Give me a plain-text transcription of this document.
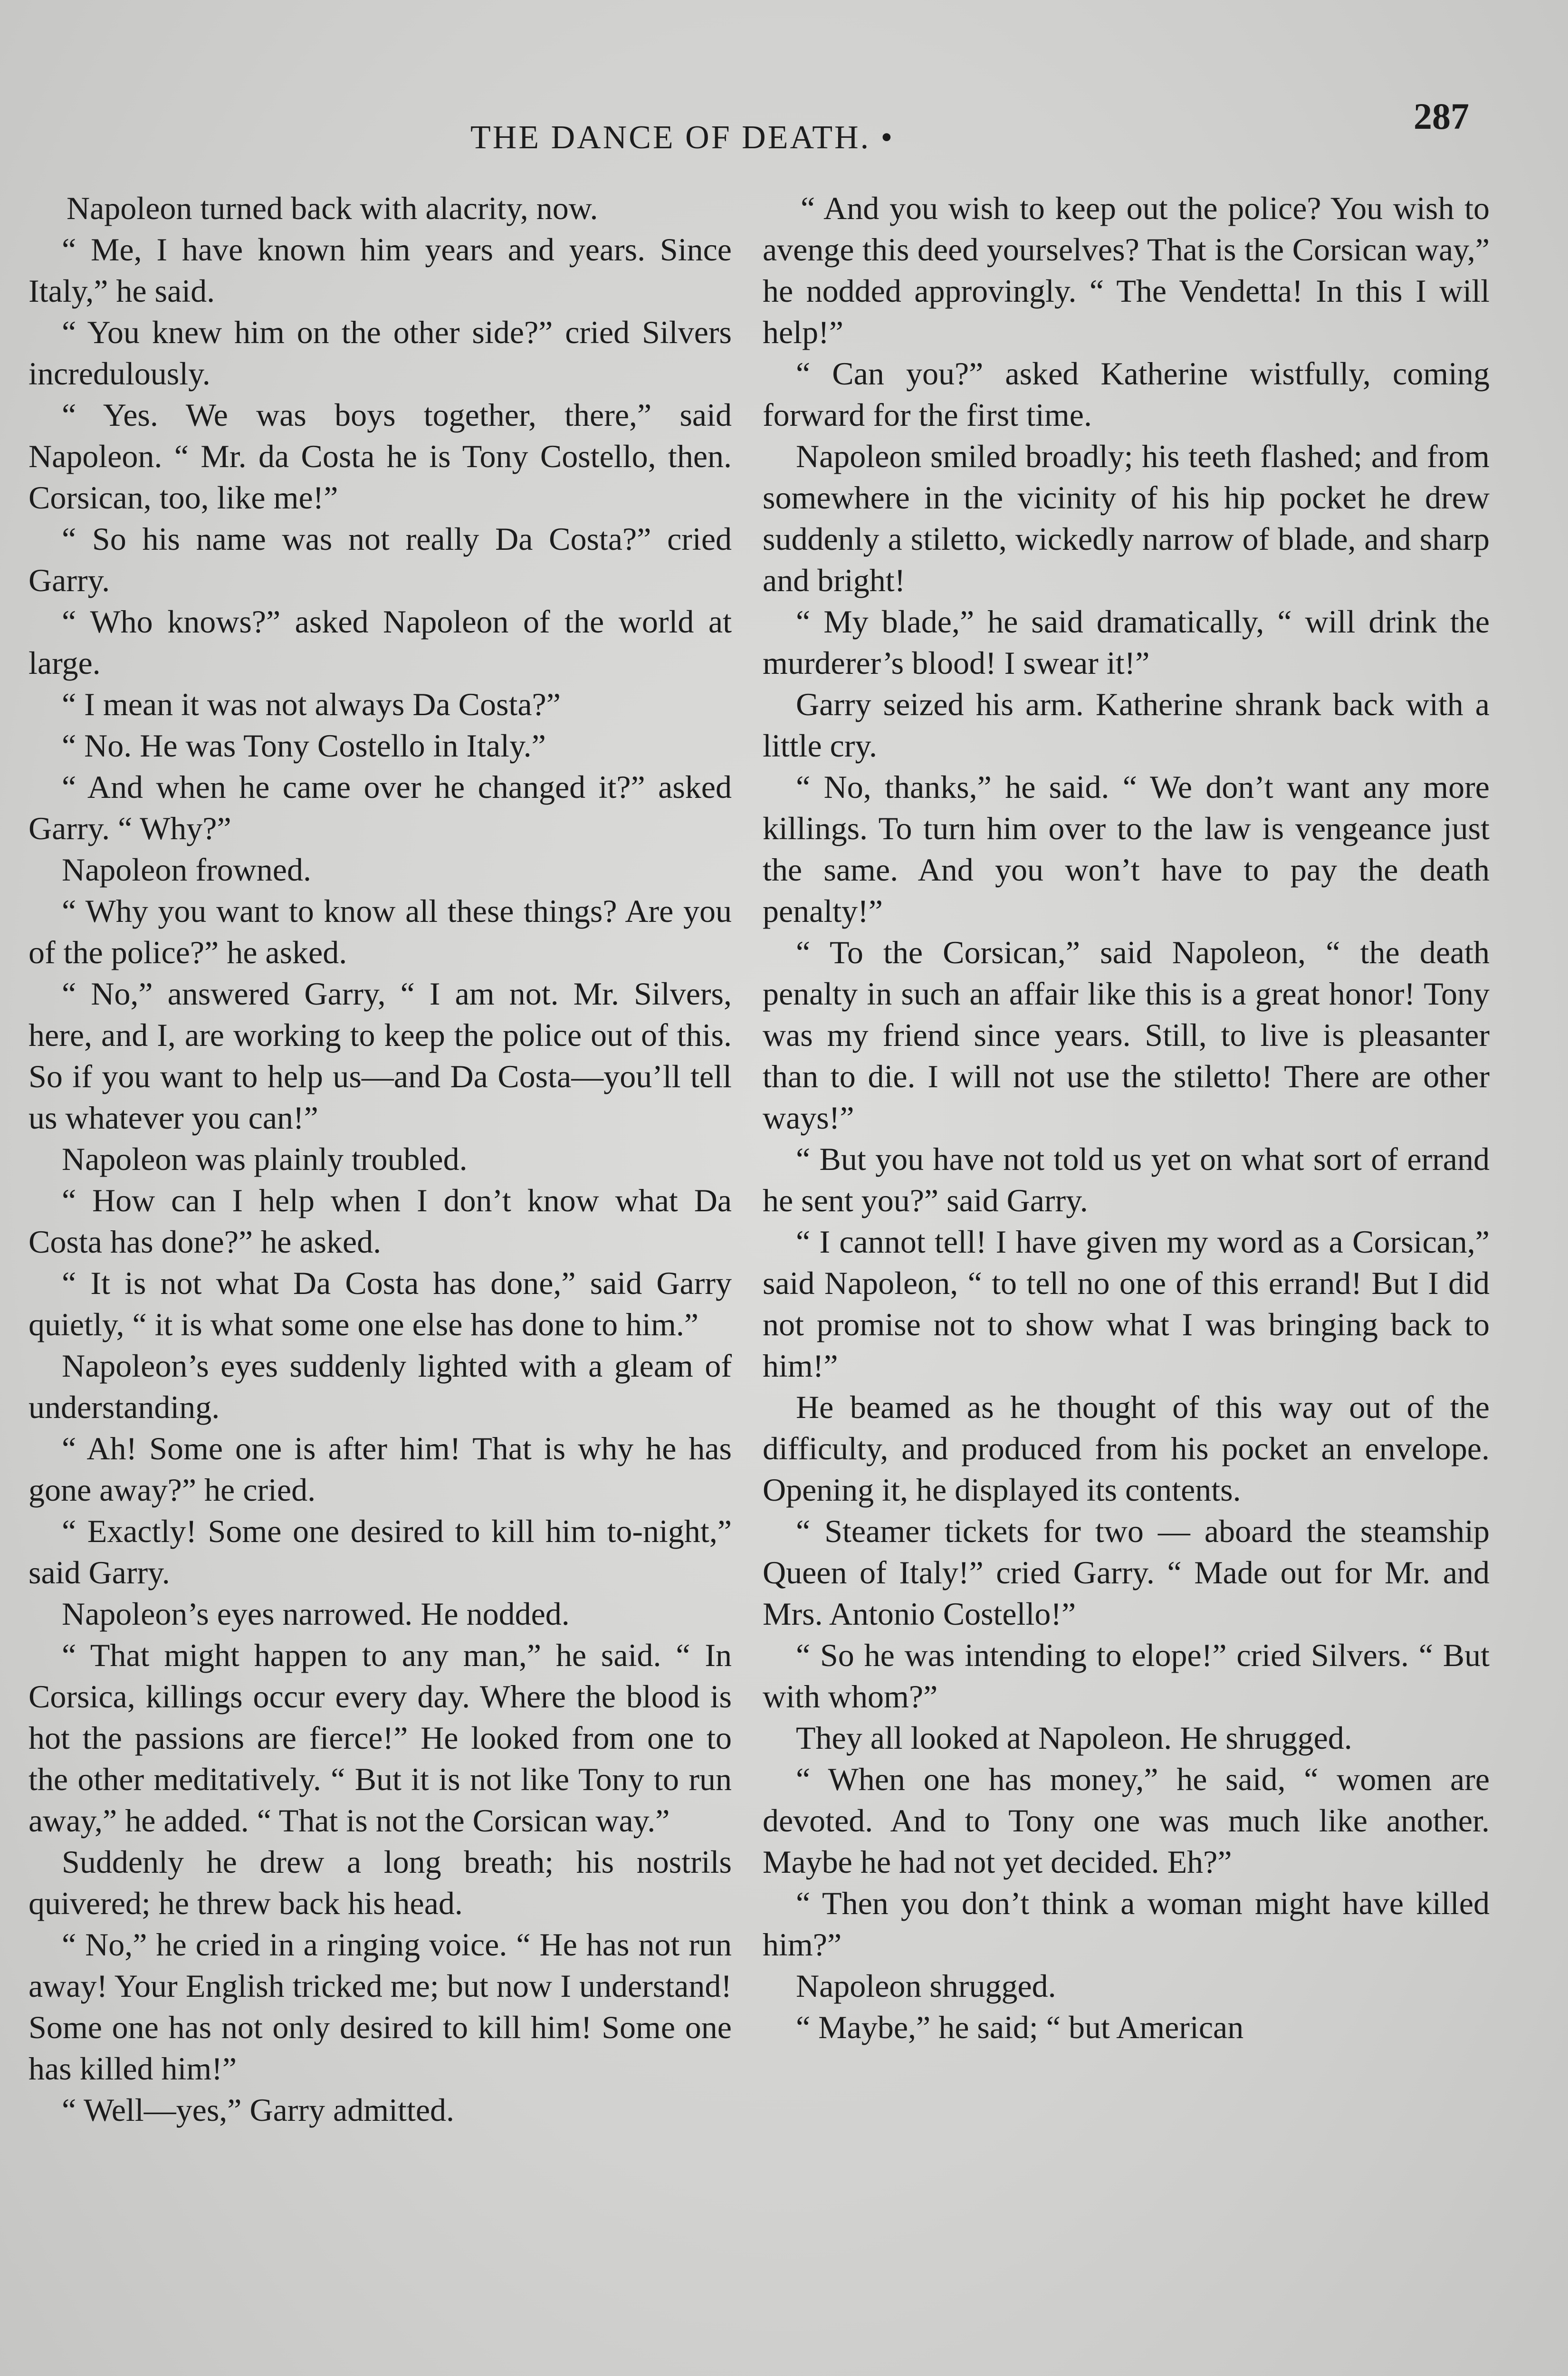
THE DANCE OF DEATH. •
287

Napoleon turned back with alacrity, now.

“ Me, I have known him years and years. Since Italy,” he said.

“ You knew him on the other side?” cried Silvers incredulously.

“ Yes. We was boys together, there,” said Napoleon. “ Mr. da Costa he is Tony Costello, then. Corsican, too, like me!”

“ So his name was not really Da Costa?” cried Garry.

“ Who knows?” asked Napoleon of the world at large.

“ I mean it was not always Da Costa?”

“ No. He was Tony Costello in Italy.”

“ And when he came over he changed it?” asked Garry. “ Why?”

Napoleon frowned.

“ Why you want to know all these things? Are you of the police?” he asked.

“ No,” answered Garry, “ I am not. Mr. Silvers, here, and I, are working to keep the police out of this. So if you want to help us—and Da Costa—you’ll tell us whatever you can!”

Napoleon was plainly troubled.

“ How can I help when I don’t know what Da Costa has done?” he asked.

“ It is not what Da Costa has done,” said Garry quietly, “ it is what some one else has done to him.”

Napoleon’s eyes suddenly lighted with a gleam of understanding.

“ Ah! Some one is after him! That is why he has gone away?” he cried.

“ Exactly! Some one desired to kill him to-night,” said Garry.

Napoleon’s eyes narrowed. He nodded.

“ That might happen to any man,” he said. “ In Corsica, killings occur every day. Where the blood is hot the passions are fierce!” He looked from one to the other meditatively. “ But it is not like Tony to run away,” he added. “ That is not the Corsican way.”

Suddenly he drew a long breath; his nostrils quivered; he threw back his head.

“ No,” he cried in a ringing voice. “ He has not run away! Your English tricked me; but now I understand! Some one has not only desired to kill him! Some one has killed him!”

“ Well—yes,” Garry admitted.

“ And you wish to keep out the police? You wish to avenge this deed yourselves? That is the Corsican way,” he nodded approvingly. “ The Vendetta! In this I will help!”

“ Can you?” asked Katherine wistfully, coming forward for the first time.

Napoleon smiled broadly; his teeth flashed; and from somewhere in the vicinity of his hip pocket he drew suddenly a stiletto, wickedly narrow of blade, and sharp and bright!

“ My blade,” he said dramatically, “ will drink the murderer’s blood! I swear it!”

Garry seized his arm. Katherine shrank back with a little cry.

“ No, thanks,” he said. “ We don’t want any more killings. To turn him over to the law is vengeance just the same. And you won’t have to pay the death penalty!”

“ To the Corsican,” said Napoleon, “ the death penalty in such an affair like this is a great honor! Tony was my friend since years. Still, to live is pleasanter than to die. I will not use the stiletto! There are other ways!”

“ But you have not told us yet on what sort of errand he sent you?” said Garry.

“ I cannot tell! I have given my word as a Corsican,” said Napoleon, “ to tell no one of this errand! But I did not promise not to show what I was bringing back to him!”

He beamed as he thought of this way out of the difficulty, and produced from his pocket an envelope. Opening it, he displayed its contents.

“ Steamer tickets for two — aboard the steamship Queen of Italy!” cried Garry. “ Made out for Mr. and Mrs. Antonio Costello!”

“ So he was intending to elope!” cried Silvers. “ But with whom?”

They all looked at Napoleon. He shrugged.

“ When one has money,” he said, “ women are devoted. And to Tony one was much like another. Maybe he had not yet decided. Eh?”

“ Then you don’t think a woman might have killed him?”

Napoleon shrugged.

“ Maybe,” he said; “ but American
